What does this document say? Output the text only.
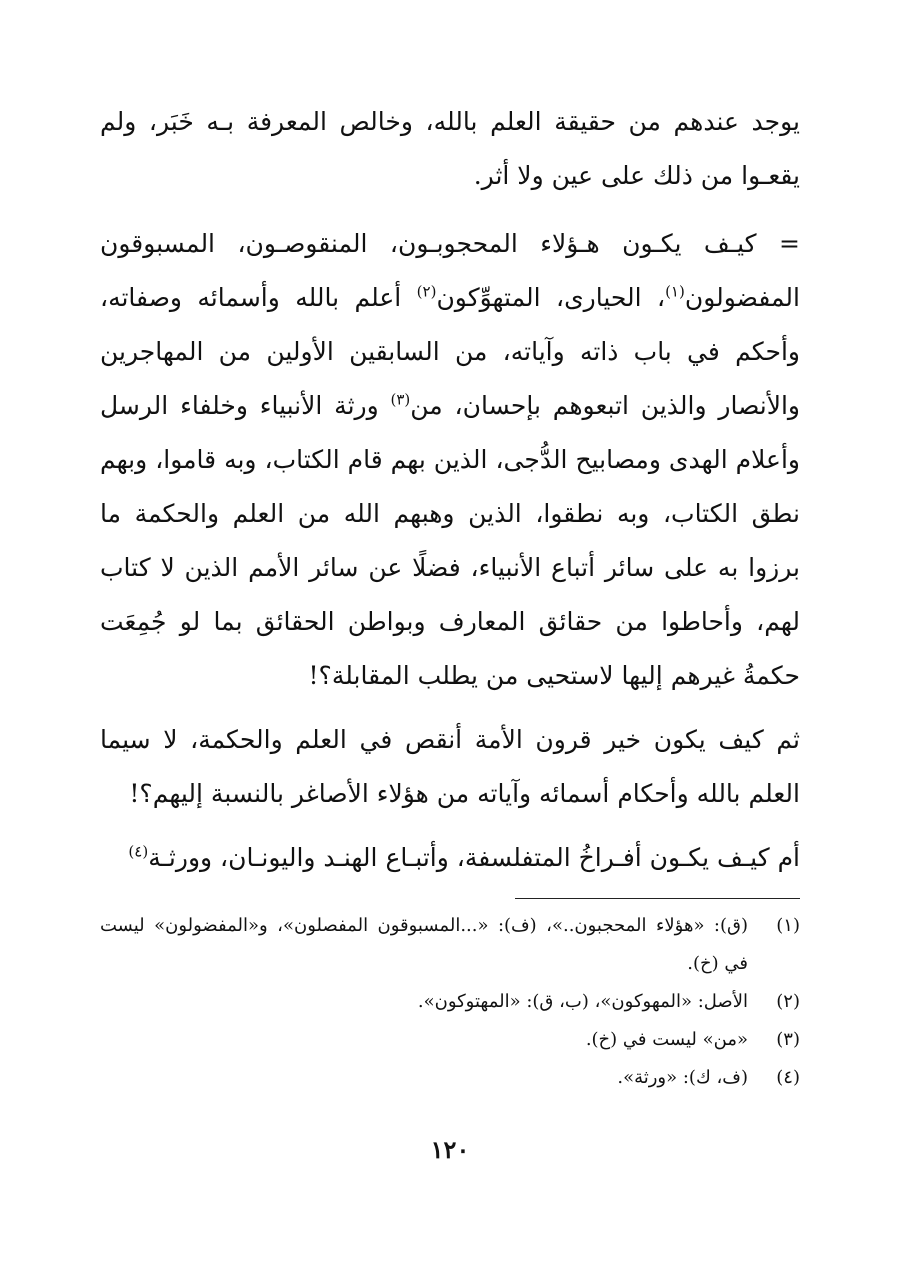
يوجد عندهم من حقيقة العلم بالله، وخالص المعرفة بـه خَبَر، ولم يقعـوا من ذلك على عين ولا أثر.

= كيـف يكـون هـؤلاء المحجوبـون، المنقوصـون، المسبوقون المفضولون$^{(١)}$، الحيارى، المتهوِّكون$^{(٢)}$ أعلم بالله وأسمائه وصفاته، وأحكم في باب ذاته وآياته، من السابقين الأولين من المهاجرين والأنصار والذين اتبعوهم بإحسان، من$^{(٣)}$ ورثة الأنبياء وخلفاء الرسل وأعلام الهدى ومصابيح الدُّجى، الذين بهم قام الكتاب، وبه قاموا، وبهم نطق الكتاب، وبه نطقوا، الذين وهبهم الله من العلم والحكمة ما برزوا به على سائر أتباع الأنبياء، فضلًا عن سائر الأمم الذين لا كتاب لهم، وأحاطوا من حقائق المعارف وبواطن الحقائق بما لو جُمِعَت حكمةُ غيرهم إليها لاستحيى من يطلب المقابلة؟!

ثم كيف يكون خير قرون الأمة أنقص في العلم والحكمة، لا سيما العلم بالله وأحكام أسمائه وآياته من هؤلاء الأصاغر بالنسبة إليهم؟!

أم كيـف يكـون أفـراخُ المتفلسفة، وأتبـاع الهنـد واليونـان، وورثـة$^{(٤)}$

(١)
(ق): «هؤلاء المحجبون..»، (ف): «...المسبوقون المفصلون»، و«المفضولون» ليست في (خ).

(٢)
الأصل: «المهوكون»، (ب، ق): «المهتوكون».

(٣)
«من» ليست في (خ).

(٤)
(ف، ك): «ورثة».

١٢٠
